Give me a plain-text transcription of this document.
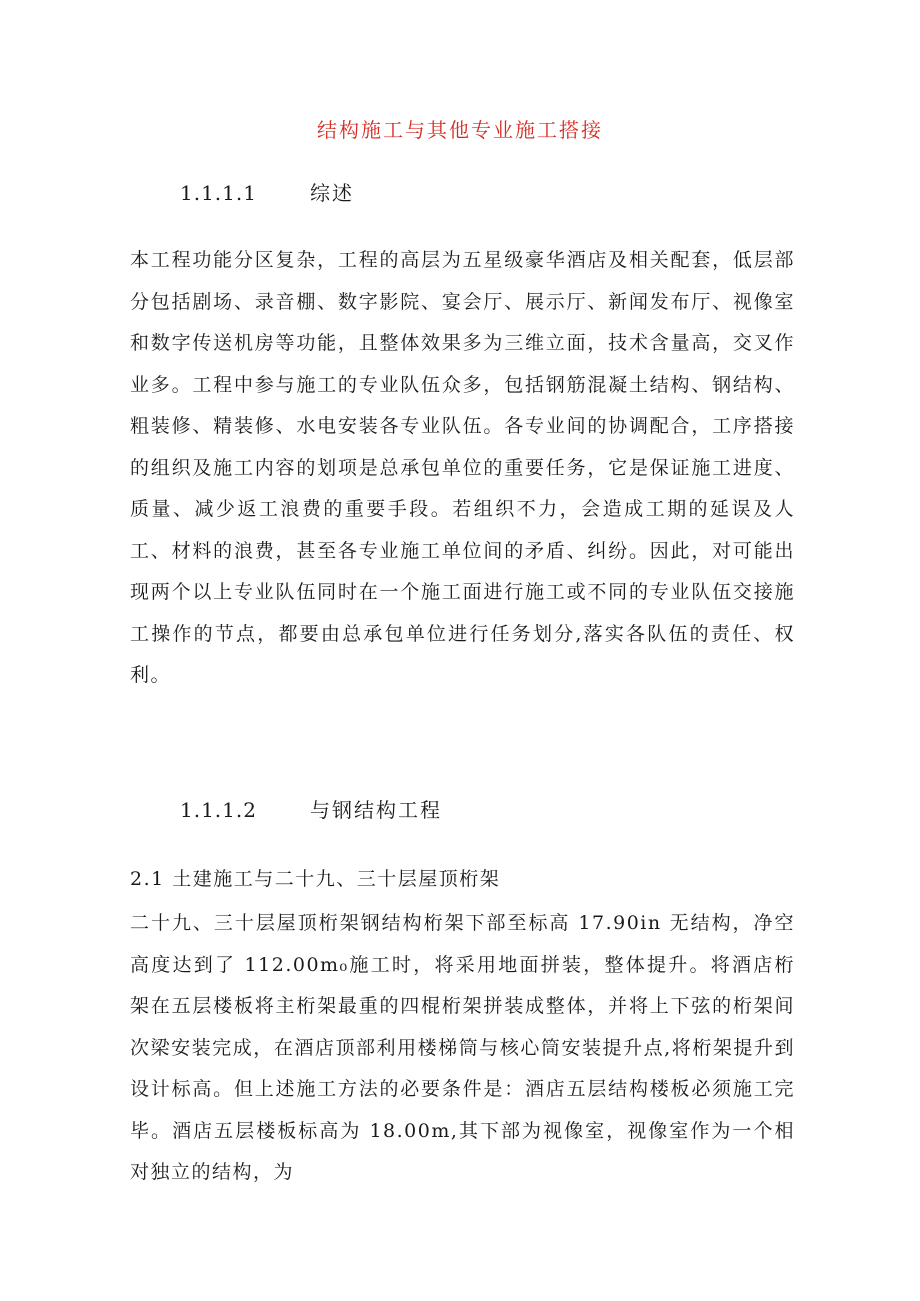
结构施工与其他专业施工搭接
1.1.1.1	综述

本工程功能分区复杂，工程的高层为五星级豪华酒店及相关配套，低层部分包括剧场、录音棚、数字影院、宴会厅、展示厅、新闻发布厅、视像室和数字传送机房等功能，且整体效果多为三维立面，技术含量高，交叉作业多。工程中参与施工的专业队伍众多，包括钢筋混凝土结构、钢结构、粗装修、精装修、水电安装各专业队伍。各专业间的协调配合，工序搭接的组织及施工内容的划项是总承包单位的重要任务，它是保证施工进度、质量、减少返工浪费的重要手段。若组织不力，会造成工期的延误及人工、材料的浪费，甚至各专业施工单位间的矛盾、纠纷。因此，对可能出现两个以上专业队伍同时在一个施工面进行施工或不同的专业队伍交接施工操作的节点，都要由总承包单位进行任务划分,落实各队伍的责任、权利。

1.1.1.2	与钢结构工程
2.1 土建施工与二十九、三十层屋顶桁架

二十九、三十层屋顶桁架钢结构桁架下部至标高 17.90in 无结构，净空高度达到了 112.00m₀施工时，将采用地面拼装，整体提升。将酒店桁架在五层楼板将主桁架最重的四棍桁架拼装成整体，并将上下弦的桁架间次梁安装完成，在酒店顶部利用楼梯筒与核心筒安装提升点,将桁架提升到设计标高。但上述施工方法的必要条件是：酒店五层结构楼板必须施工完毕。酒店五层楼板标高为 18.00m,其下部为视像室，视像室作为一个相对独立的结构，为
